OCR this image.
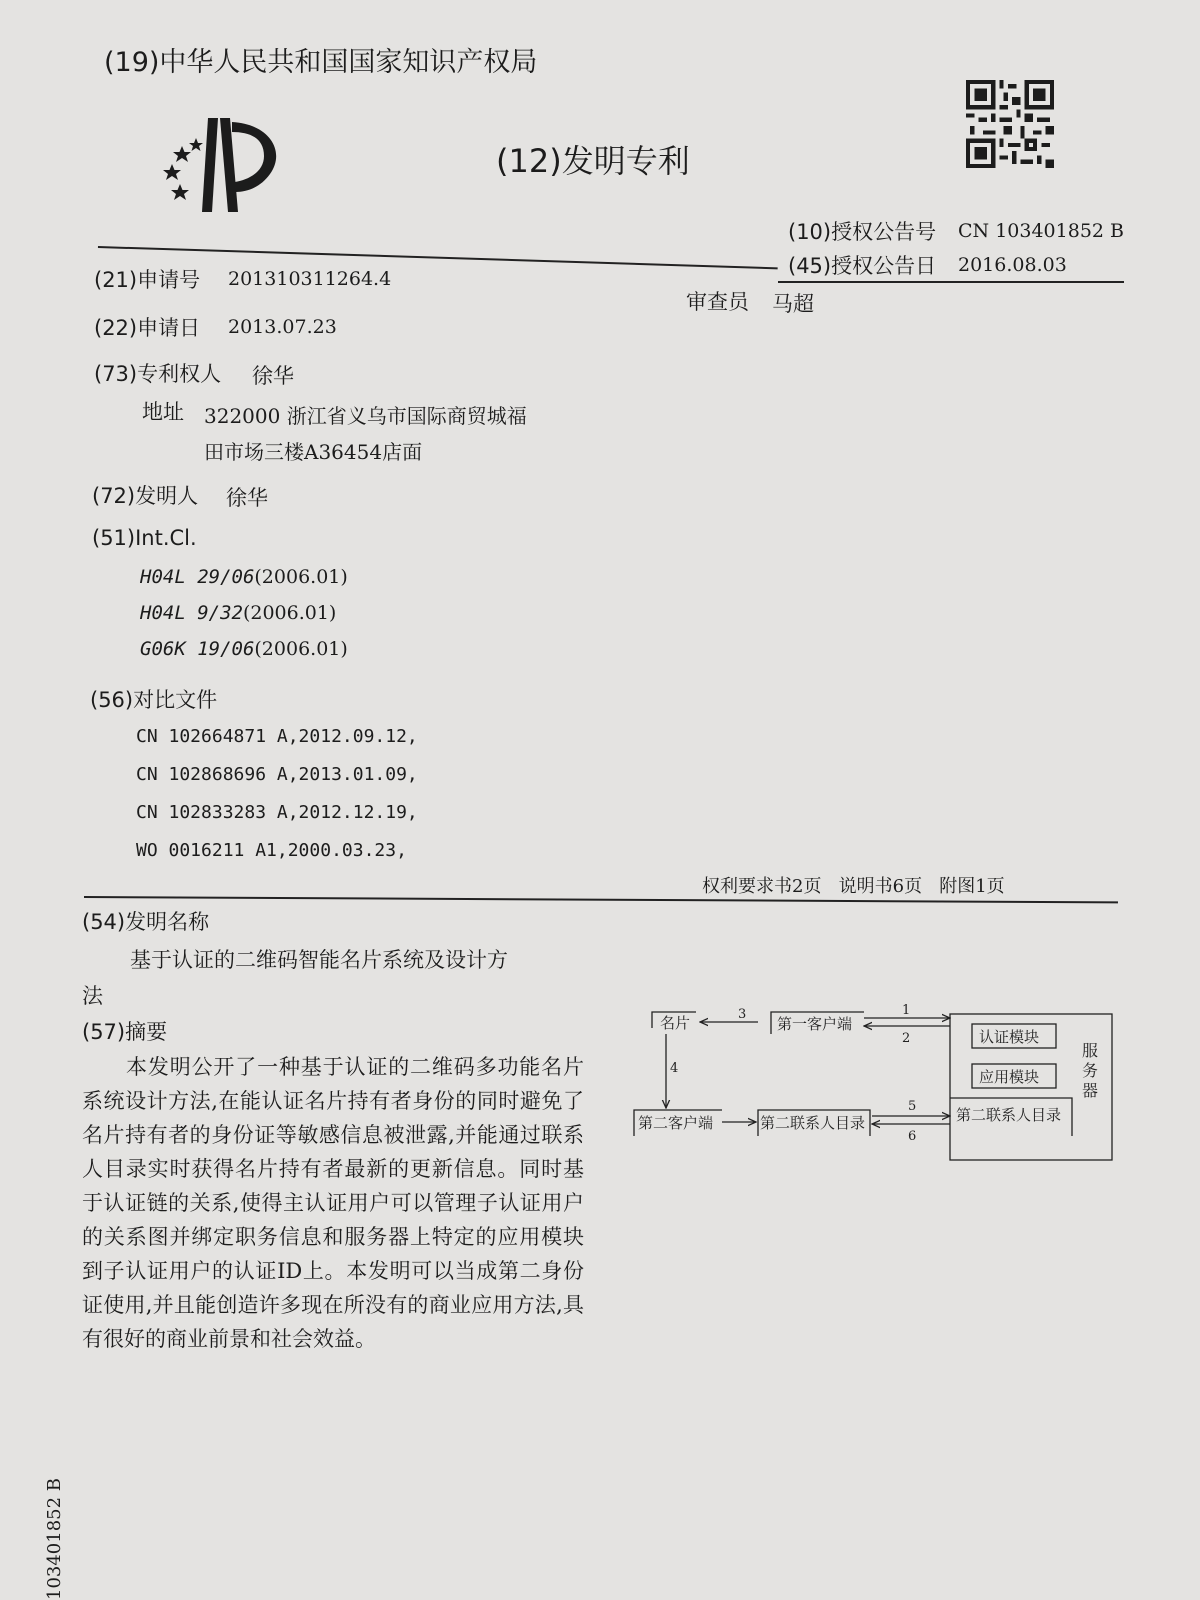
(19)中华人民共和国国家知识产权局
(12)发明专利
(10)授权公告号 CN 103401852 B
(45)授权公告日 2016.08.03
(21)申请号 201310311264.4
审查员 马超
(22)申请日 2013.07.23
(73)专利权人 徐华
地址 322000 浙江省义乌市国际商贸城福
田市场三楼A36454店面
(72)发明人 徐华
(51)Int.Cl.
H04L 29/06(2006.01)
H04L 9/32(2006.01)
G06K 19/06(2006.01)
(56)对比文件
CN 102664871 A,2012.09.12,
CN 102868696 A,2013.01.09,
CN 102833283 A,2012.12.19,
WO 0016211 A1,2000.03.23,
权利要求书2页   说明书6页   附图1页
(54)发明名称
基于认证的二维码智能名片系统及设计方
法
(57)摘要
本发明公开了一种基于认证的二维码多功能名片系统设计方法,在能认证名片持有者身份的同时避免了名片持有者的身份证等敏感信息被泄露,并能通过联系人目录实时获得名片持有者最新的更新信息。同时基于认证链的关系,使得主认证用户可以管理子认证用户的关系图并绑定职务信息和服务器上特定的应用模块到子认证用户的认证ID上。本发明可以当成第二身份证使用,并且能创造许多现在所没有的商业应用方法,具有很好的商业前景和社会效益。
名片	第一客户端
第二客户端	第二联系人目录
认证模块
应用模块
第二联系人目录
服
务
器
1
2
3
4
5
6
103401852 B
